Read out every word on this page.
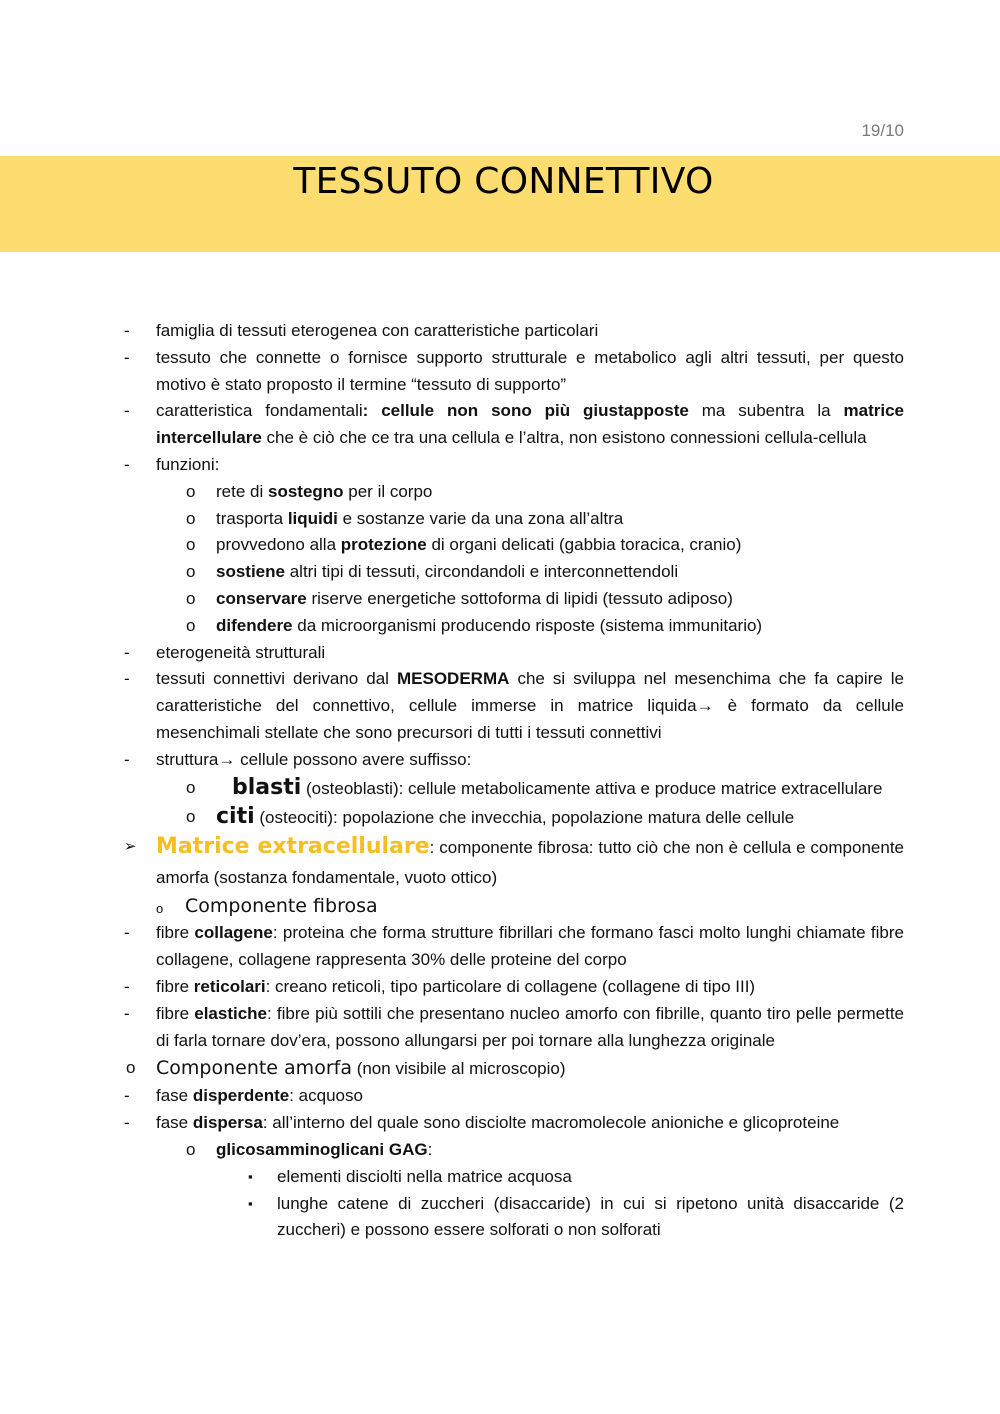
19/10
TESSUTO CONNETTIVO
- famiglia di tessuti eterogenea con caratteristiche particolari
- tessuto che connette o fornisce supporto strutturale e metabolico agli altri tessuti, per questo motivo è stato proposto il termine “tessuto di supporto”
- caratteristica fondamentali: cellule non sono più giustapposte ma subentra la matrice intercellulare che è ciò che ce tra una cellula e l’altra, non esistono connessioni cellula-cellula
- funzioni:
o rete di sostegno per il corpo
o trasporta liquidi e sostanze varie da una zona all’altra
o provvedono alla protezione di organi delicati (gabbia toracica, cranio)
o sostiene altri tipi di tessuti, circondandoli e interconnettendoli
o conservare riserve energetiche sottoforma di lipidi (tessuto adiposo)
o difendere da microorganismi producendo risposte (sistema immunitario)
- eterogeneità strutturali
- tessuti connettivi derivano dal MESODERMA che si sviluppa nel mesenchima che fa capire le caratteristiche del connettivo, cellule immerse in matrice liquida→ è formato da cellule mesenchimali stellate che sono precursori di tutti i tessuti connettivi
- struttura→ cellule possono avere suffisso:
o blasti (osteoblasti): cellule metabolicamente attiva e produce matrice extracellulare
o citi (osteociti): popolazione che invecchia, popolazione matura delle cellule
➢ Matrice extracellulare: componente fibrosa: tutto ciò che non è cellula e componente amorfa (sostanza fondamentale, vuoto ottico)
o Componente fibrosa
- fibre collagene: proteina che forma strutture fibrillari che formano fasci molto lunghi chiamate fibre collagene, collagene rappresenta 30% delle proteine del corpo
- fibre reticolari: creano reticoli, tipo particolare di collagene (collagene di tipo III)
- fibre elastiche: fibre più sottili che presentano nucleo amorfo con fibrille, quanto tiro pelle permette di farla tornare dov’era, possono allungarsi per poi tornare alla lunghezza originale
o Componente amorfa (non visibile al microscopio)
- fase disperdente: acquoso
- fase dispersa: all’interno del quale sono disciolte macromolecole anioniche e glicoproteine
o glicosamminoglicani GAG:
▪ elementi disciolti nella matrice acquosa
▪ lunghe catene di zuccheri (disaccaride) in cui si ripetono unità disaccaride (2 zuccheri) e possono essere solforati o non solforati
